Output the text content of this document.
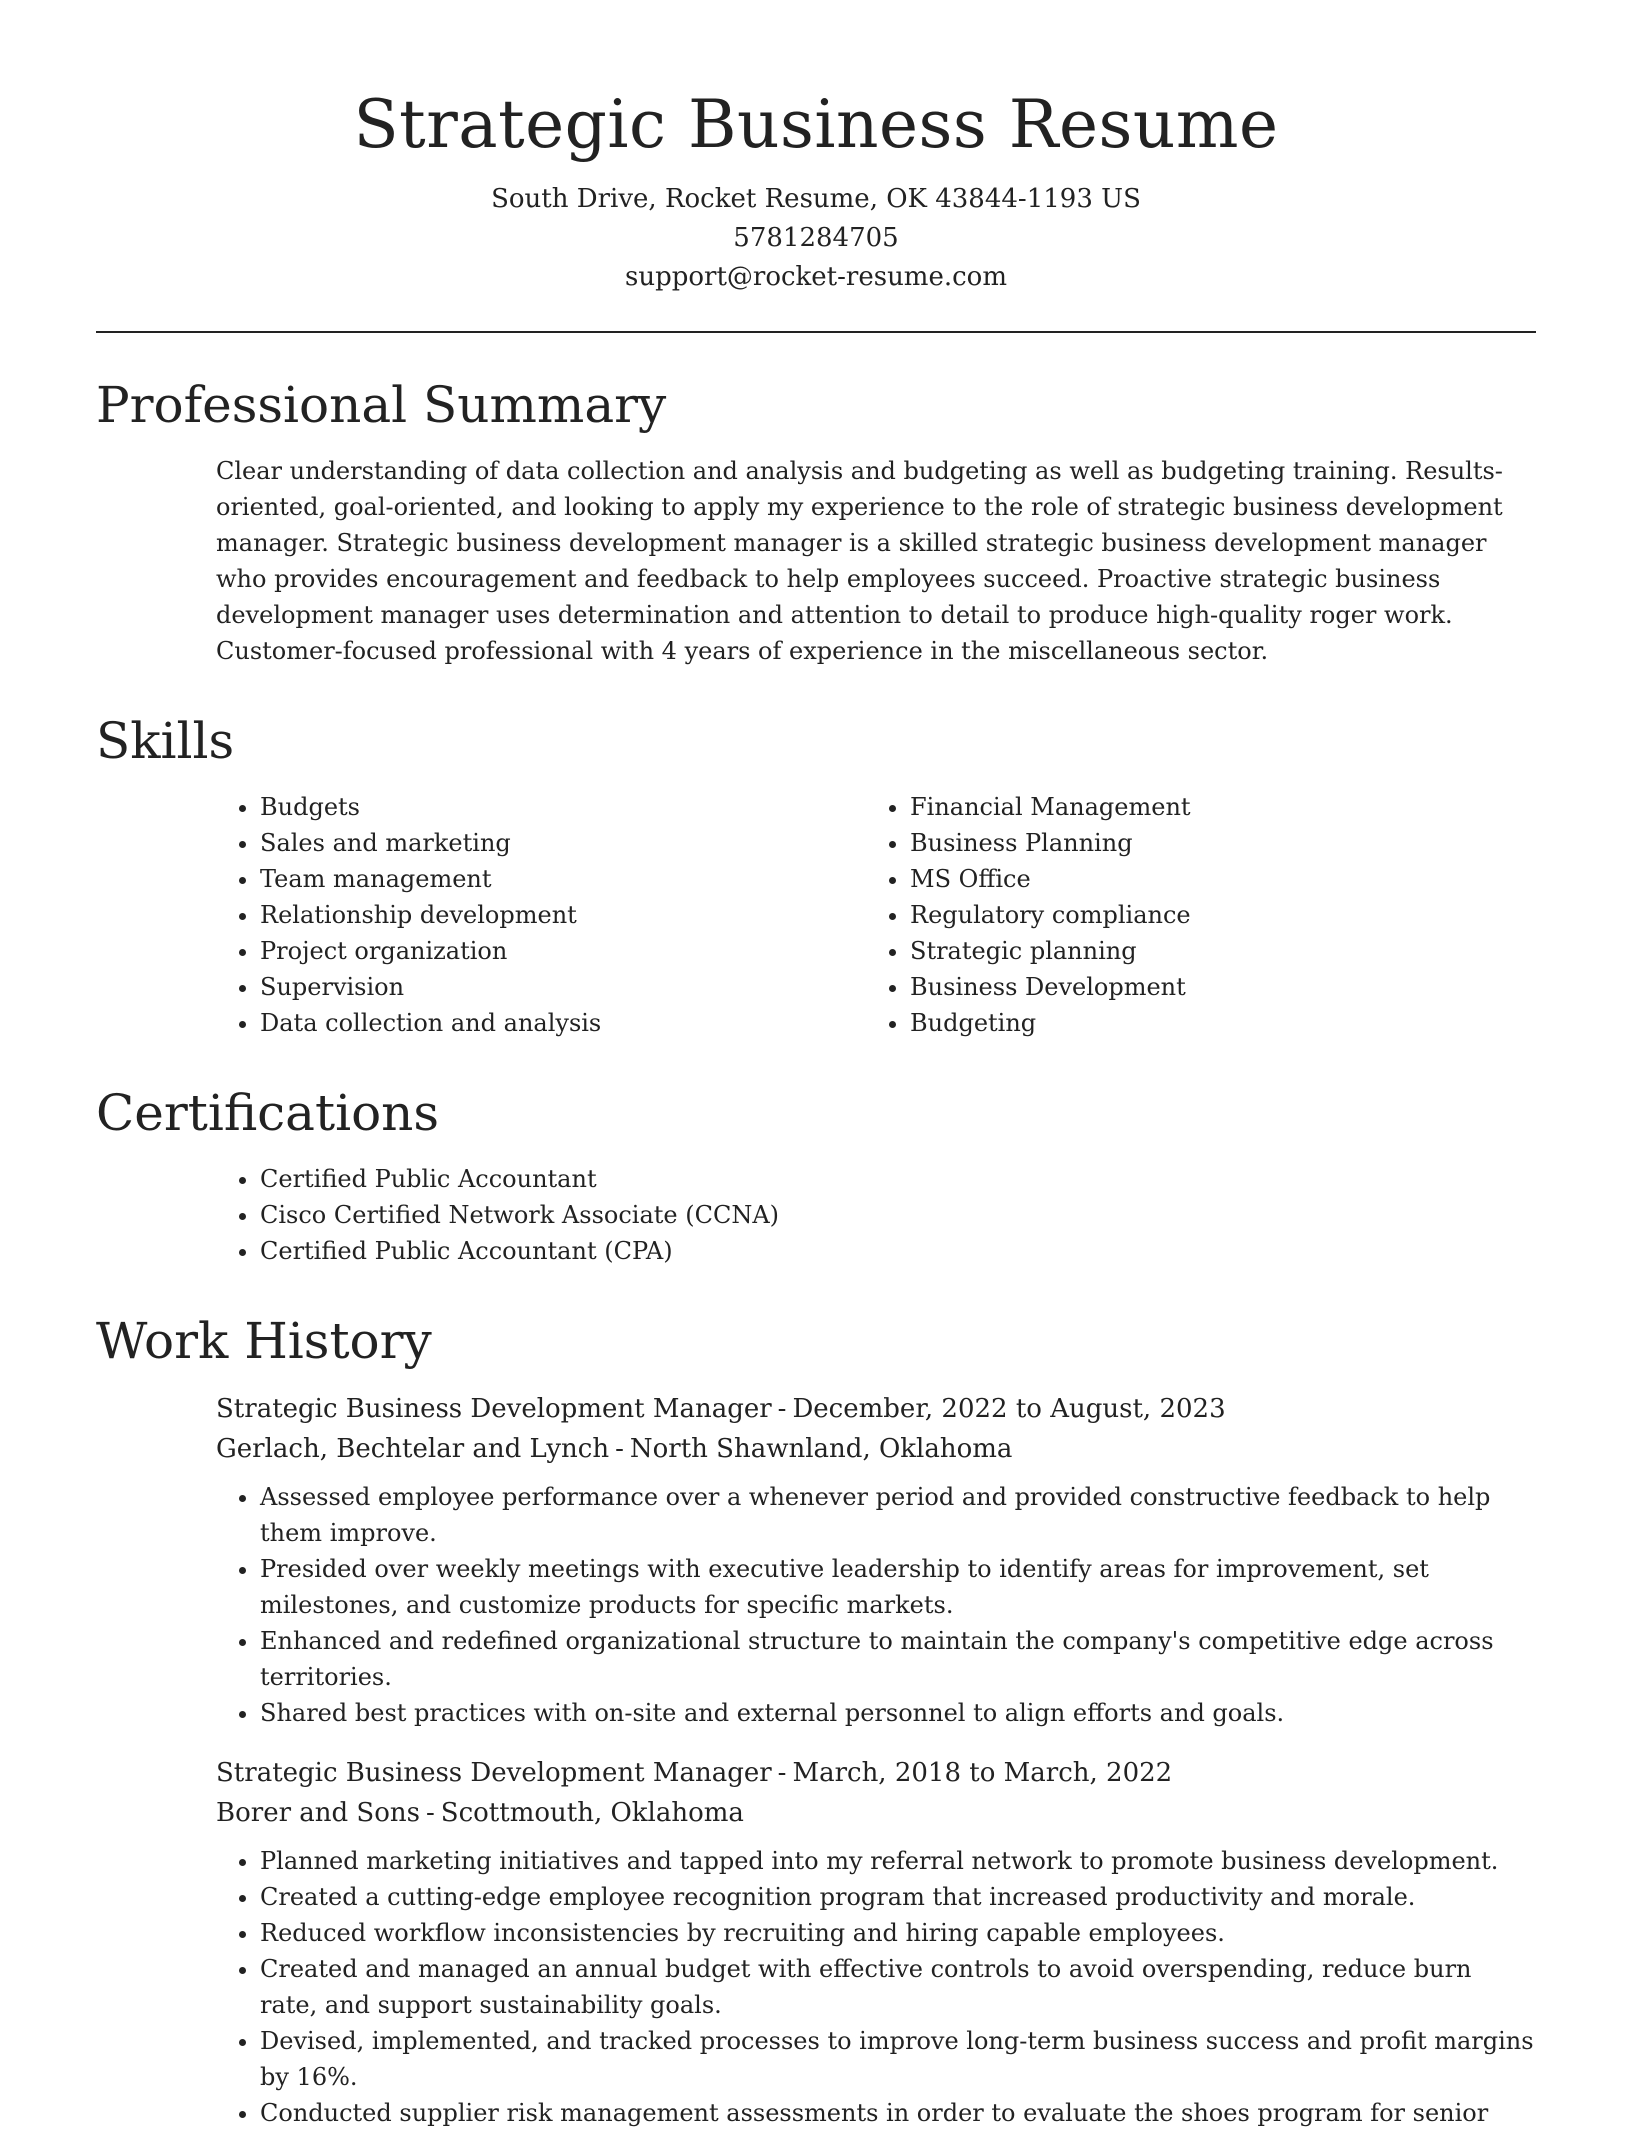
Strategic Business Resume

South Drive, Rocket Resume, OK 43844-1193 US

5781284705

support@rocket-resume.com

Professional Summary

Clear understanding of data collection and analysis and budgeting as well as budgeting training. Results-oriented, goal-oriented, and looking to apply my experience to the role of strategic business development manager. Strategic business development manager is a skilled strategic business development manager who provides encouragement and feedback to help employees succeed. Proactive strategic business development manager uses determination and attention to detail to produce high-quality roger work. Customer-focused professional with 4 years of experience in the miscellaneous sector.

Skills
• Budgets
• Sales and marketing
• Team management
• Relationship development
• Project organization
• Supervision
• Data collection and analysis
• Financial Management
• Business Planning
• MS Office
• Regulatory compliance
• Strategic planning
• Business Development
• Budgeting
Certifications
• Certified Public Accountant
• Cisco Certified Network Associate (CCNA)
• Certified Public Accountant (CPA)
Work History

Strategic Business Development Manager - December, 2022 to August, 2023

Gerlach, Bechtelar and Lynch - North Shawnland, Oklahoma

• Assessed employee performance over a whenever period and provided constructive feedback to help them improve.
• Presided over weekly meetings with executive leadership to identify areas for improvement, set milestones, and customize products for specific markets.
• Enhanced and redefined organizational structure to maintain the company's competitive edge across territories.
• Shared best practices with on-site and external personnel to align efforts and goals.

Strategic Business Development Manager - March, 2018 to March, 2022

Borer and Sons - Scottmouth, Oklahoma

• Planned marketing initiatives and tapped into my referral network to promote business development.
• Created a cutting-edge employee recognition program that increased productivity and morale.
• Reduced workflow inconsistencies by recruiting and hiring capable employees.
• Created and managed an annual budget with effective controls to avoid overspending, reduce burn rate, and support sustainability goals.
• Devised, implemented, and tracked processes to improve long-term business success and profit margins by 16%.
• Conducted supplier risk management assessments in order to evaluate the shoes program for senior
